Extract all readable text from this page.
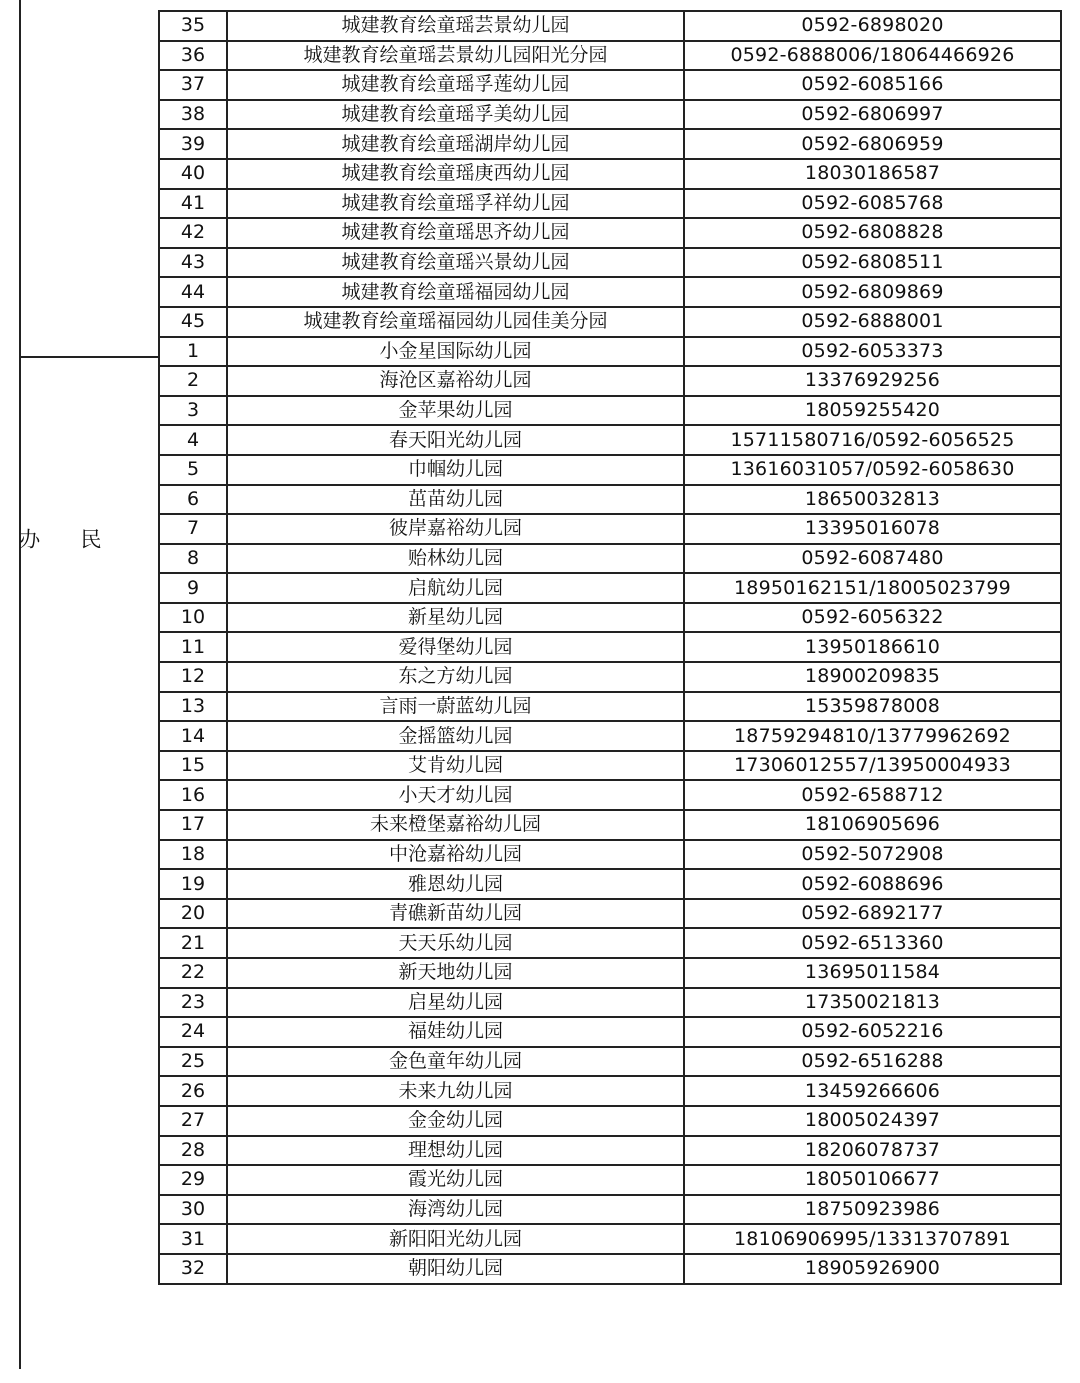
民
办
35	城建教育绘童瑶芸景幼儿园	0592-6898020
36	城建教育绘童瑶芸景幼儿园阳光分园	0592-6888006/18064466926
37	城建教育绘童瑶孚莲幼儿园	0592-6085166
38	城建教育绘童瑶孚美幼儿园	0592-6806997
39	城建教育绘童瑶湖岸幼儿园	0592-6806959
40	城建教育绘童瑶庚西幼儿园	18030186587
41	城建教育绘童瑶孚祥幼儿园	0592-6085768
42	城建教育绘童瑶思齐幼儿园	0592-6808828
43	城建教育绘童瑶兴景幼儿园	0592-6808511
44	城建教育绘童瑶福园幼儿园	0592-6809869
45	城建教育绘童瑶福园幼儿园佳美分园	0592-6888001
1	小金星国际幼儿园	0592-6053373
2	海沧区嘉裕幼儿园	13376929256
3	金苹果幼儿园	18059255420
4	春天阳光幼儿园	15711580716/0592-6056525
5	巾帼幼儿园	13616031057/0592-6058630
6	茁苗幼儿园	18650032813
7	彼岸嘉裕幼儿园	13395016078
8	贻林幼儿园	0592-6087480
9	启航幼儿园	18950162151/18005023799
10	新星幼儿园	0592-6056322
11	爱得堡幼儿园	13950186610
12	东之方幼儿园	18900209835
13	言雨一蔚蓝幼儿园	15359878008
14	金摇篮幼儿园	18759294810/13779962692
15	艾肯幼儿园	17306012557/13950004933
16	小天才幼儿园	0592-6588712
17	未来橙堡嘉裕幼儿园	18106905696
18	中沧嘉裕幼儿园	0592-5072908
19	雅恩幼儿园	0592-6088696
20	青礁新苗幼儿园	0592-6892177
21	天天乐幼儿园	0592-6513360
22	新天地幼儿园	13695011584
23	启星幼儿园	17350021813
24	福娃幼儿园	0592-6052216
25	金色童年幼儿园	0592-6516288
26	未来九幼儿园	13459266606
27	金金幼儿园	18005024397
28	理想幼儿园	18206078737
29	霞光幼儿园	18050106677
30	海湾幼儿园	18750923986
31	新阳阳光幼儿园	18106906995/13313707891
32	朝阳幼儿园	18905926900
